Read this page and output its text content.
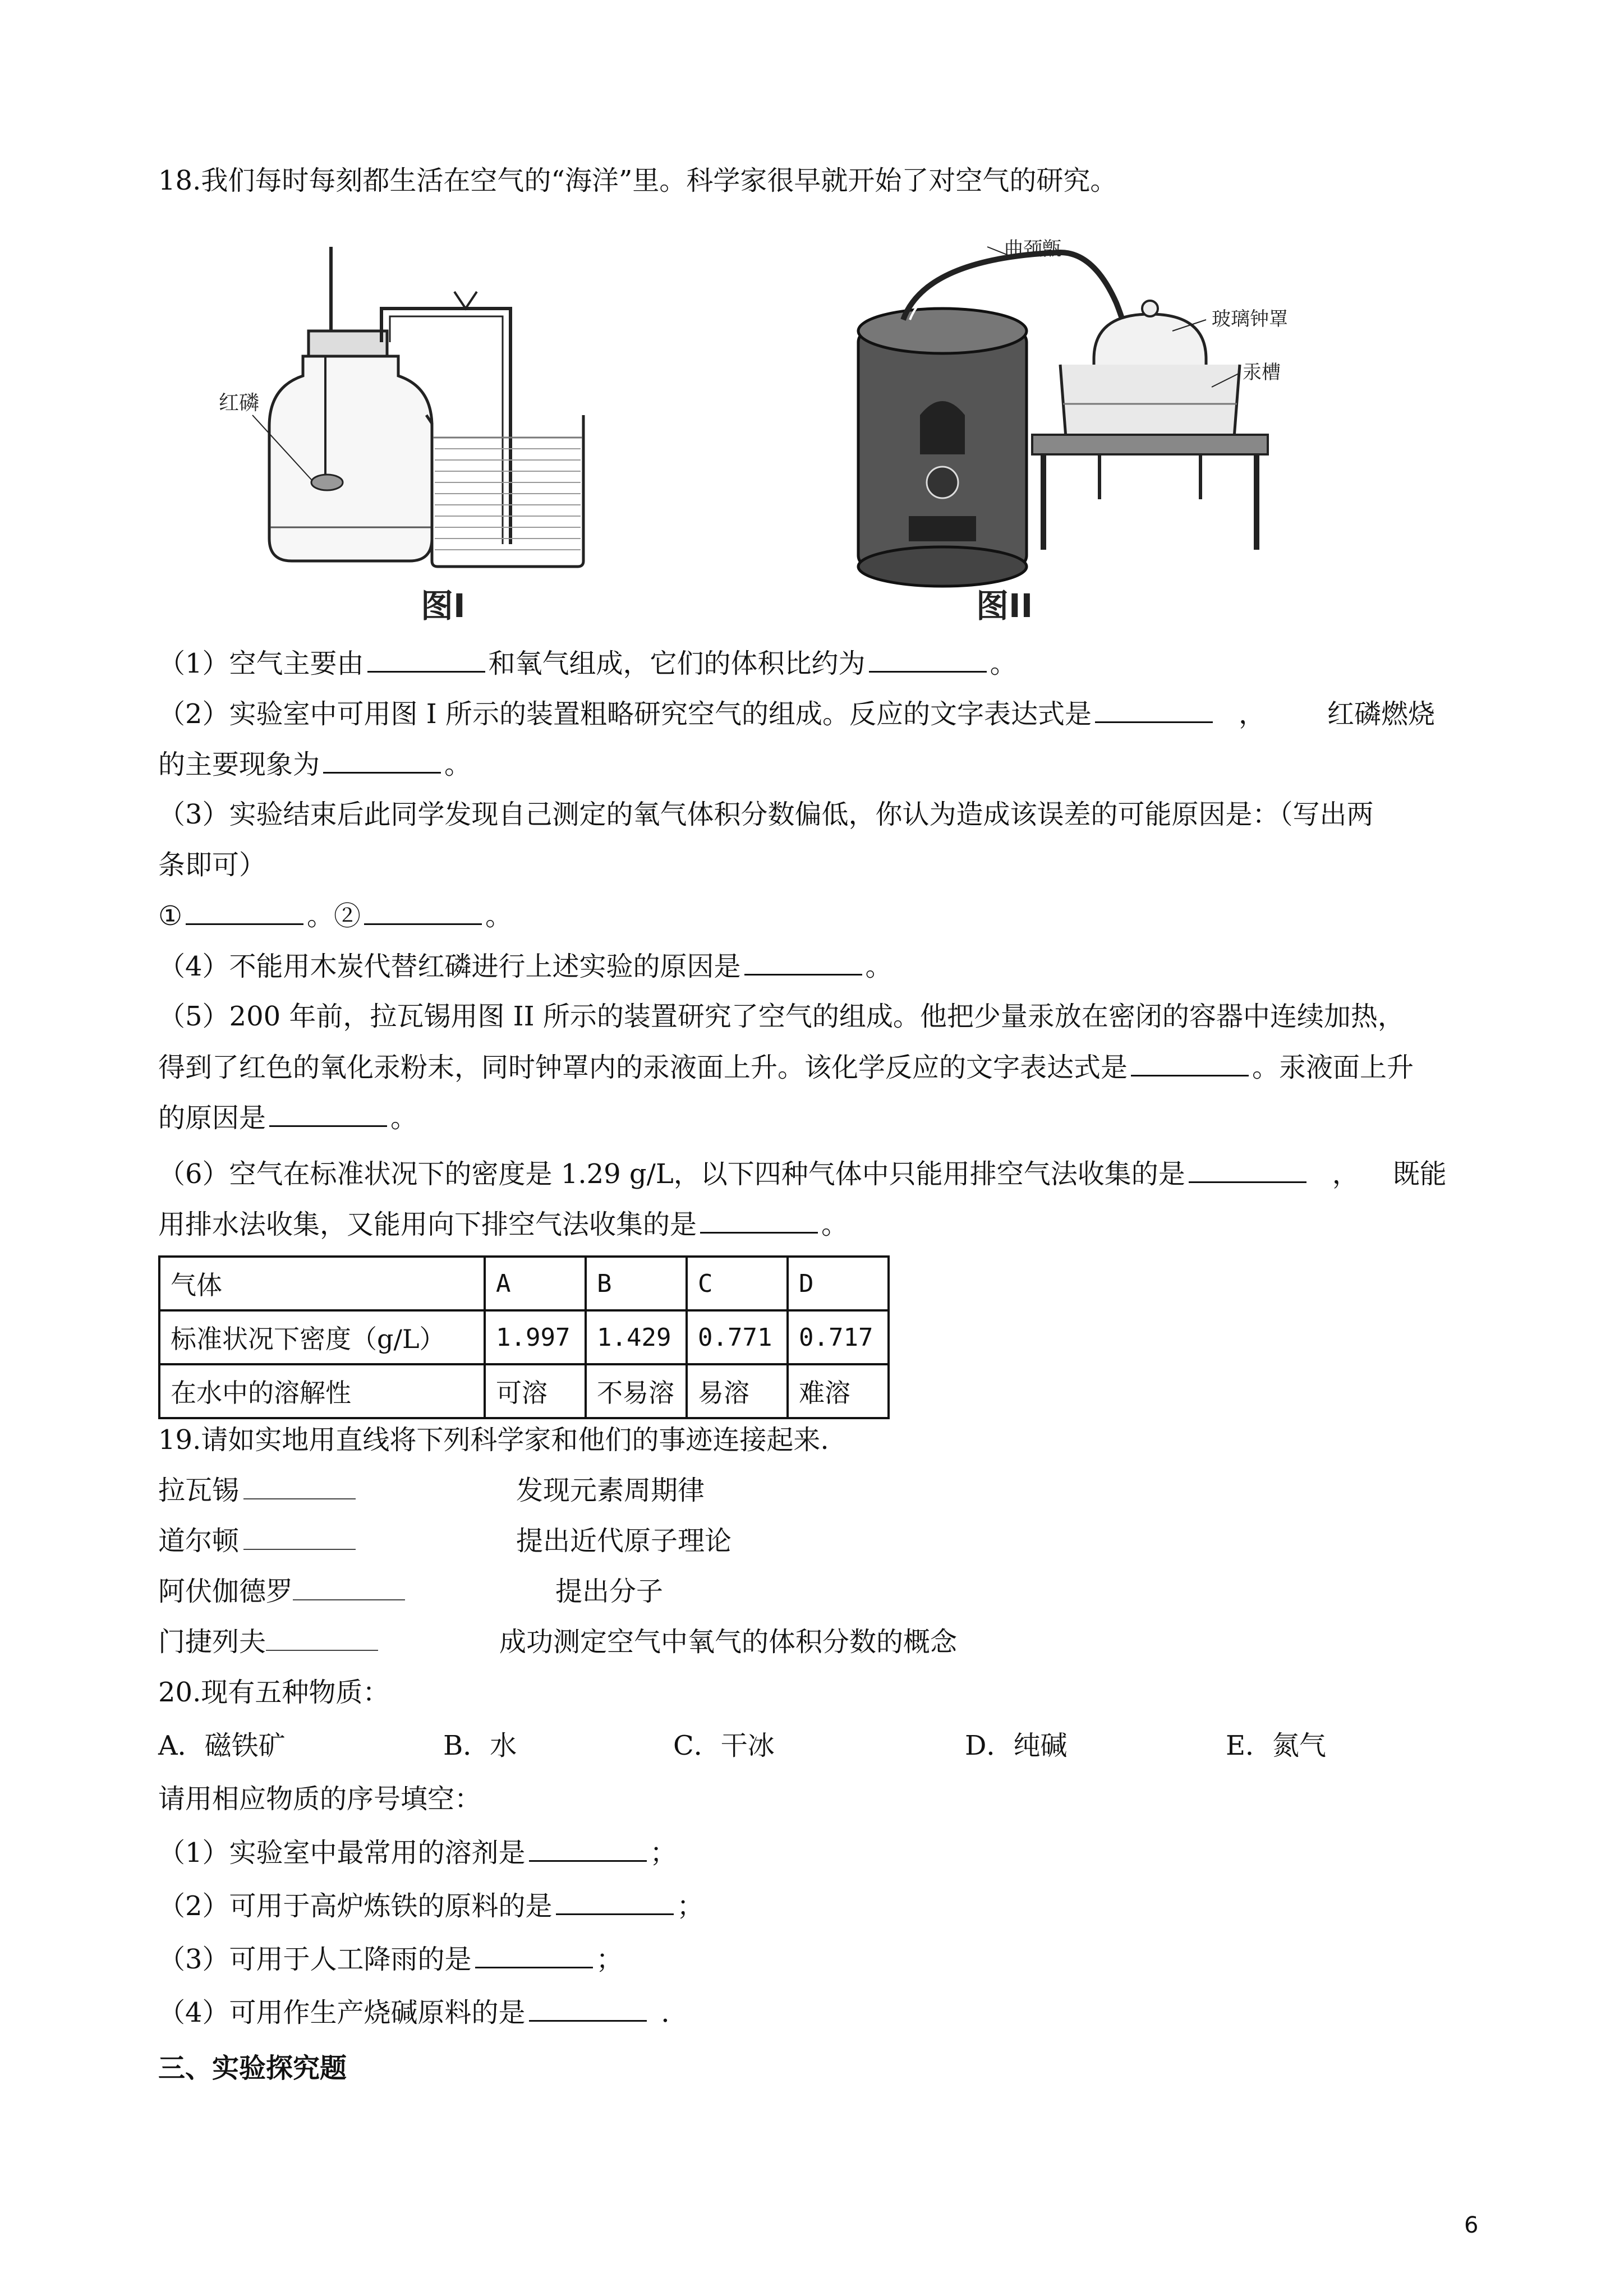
18.我们每时每刻都生活在空气的“海洋”里。科学家很早就开始了对空气的研究。
红磷
图I
曲颈甑
玻璃钟罩
汞槽
图II
（1）空气主要由	和氧气组成，它们的体积比约为	。
（2）实验室中可用图 I 所示的装置粗略研究空气的组成。反应的文字表达式是	， 红磷燃烧
的主要现象为	。
（3）实验结束后此同学发现自己测定的氧气体积分数偏低，你认为造成该误差的可能原因是：（写出两
条即可）
①	。②	。
（4）不能用木炭代替红磷进行上述实验的原因是	。
（5）200 年前，拉瓦锡用图 II 所示的装置研究了空气的组成。他把少量汞放在密闭的容器中连续加热，
得到了红色的氧化汞粉末，同时钟罩内的汞液面上升。该化学反应的文字表达式是	。汞液面上升
的原因是	。
（6）空气在标准状况下的密度是 1.29 g/L，以下四种气体中只能用排空气法收集的是	， 既能
用排水法收集，又能用向下排空气法收集的是	。
气体	A	B	C	D
标准状况下密度（g/L）	1.997	1.429	0.771	0.717
在水中的溶解性	可溶	不易溶	易溶	难溶
19.请如实地用直线将下列科学家和他们的事迹连接起来.
拉瓦锡	发现元素周期律
道尔顿	提出近代原子理论
阿伏伽德罗	提出分子
门捷列夫	成功测定空气中氧气的体积分数的概念
20.现有五种物质：
A．磁铁矿	B．水	C．干冰	D．纯碱	E．氮气
请用相应物质的序号填空：
（1）实验室中最常用的溶剂是	；
（2）可用于高炉炼铁的原料的是	；
（3）可用于人工降雨的是	；
（4）可用作生产烧碱原料的是	．
三、实验探究题
6
